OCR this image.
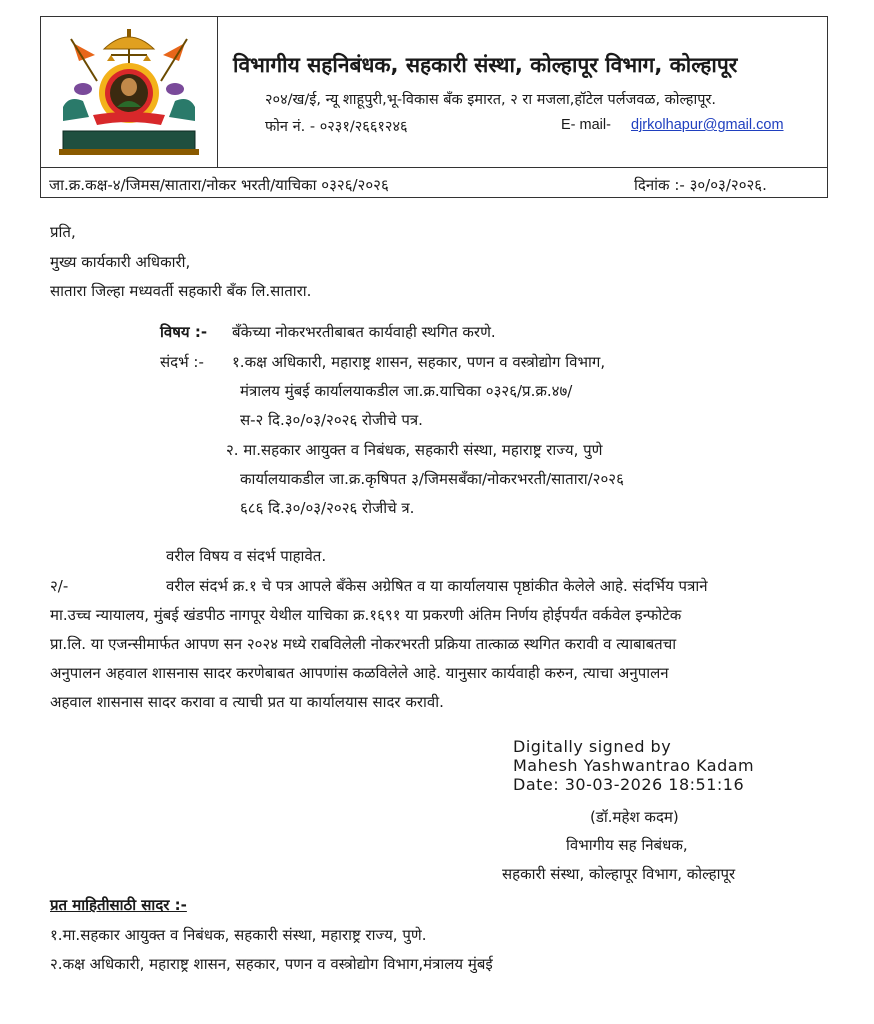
विभागीय सहनिबंधक, सहकारी संस्था, कोल्हापूर विभाग, कोल्हापूर
२०४/ख/ई, न्यू शाहूपुरी,भू-विकास बँक इमारत, २ रा मजला,हॉटेल पर्लजवळ, कोल्हापूर.
फोन नं. - ०२३१/२६६१२४६	E- mail- djrkolhapur@gmail.com
जा.क्र.कक्ष-४/जिमस/सातारा/नोकर भरती/याचिका ०३२६/२०२६	दिनांक :- ३०/०३/२०२६.
प्रति,
मुख्य कार्यकारी अधिकारी,
सातारा जिल्हा मध्यवर्ती सहकारी बँक लि.सातारा.
विषय :- बँकेच्या नोकरभरतीबाबत कार्यवाही स्थगित करणे.
संदर्भ :- १.कक्ष अधिकारी, महाराष्ट्र शासन, सहकार, पणन व वस्त्रोद्योग विभाग,
मंत्रालय मुंबई कार्यालयाकडील जा.क्र.याचिका ०३२६/प्र.क्र.४७/
स-२ दि.३०/०३/२०२६ रोजीचे पत्र.
२. मा.सहकार आयुक्त व निबंधक, सहकारी संस्था, महाराष्ट्र राज्य, पुणे
कार्यालयाकडील जा.क्र.कृषिपत ३/जिमसबँका/नोकरभरती/सातारा/२०२६
६८६ दि.३०/०३/२०२६ रोजीचे त्र.
वरील विषय व संदर्भ पाहावेत.
२/-	वरील संदर्भ क्र.१ चे पत्र आपले बँकेस अग्रेषित व या कार्यालयास पृष्ठांकीत केलेले आहे. संदर्भिय पत्राने
मा.उच्च न्यायालय, मुंबई खंडपीठ नागपूर येथील याचिका क्र.१६९१ या प्रकरणी अंतिम निर्णय होईपर्यंत वर्कवेल इन्फोटेक
प्रा.लि. या एजन्सीमार्फत आपण सन २०२४ मध्ये राबविलेली नोकरभरती प्रक्रिया तात्काळ स्थगित करावी व त्याबाबतचा
अनुपालन अहवाल शासनास सादर करणेबाबत आपणांस कळविलेले आहे. यानुसार कार्यवाही करुन, त्याचा अनुपालन
अहवाल शासनास सादर करावा व त्याची प्रत या कार्यालयास सादर करावी.
Digitally signed by
Mahesh Yashwantrao Kadam
Date: 30-03-2026 18:51:16
(डॉ.महेश कदम)
विभागीय सह निबंधक,
सहकारी संस्था, कोल्हापूर विभाग, कोल्हापूर
प्रत माहितीसाठी सादर :-
१.मा.सहकार आयुक्त व निबंधक, सहकारी संस्था, महाराष्ट्र राज्य, पुणे.
२.कक्ष अधिकारी, महाराष्ट्र शासन, सहकार, पणन व वस्त्रोद्योग विभाग,मंत्रालय मुंबई
